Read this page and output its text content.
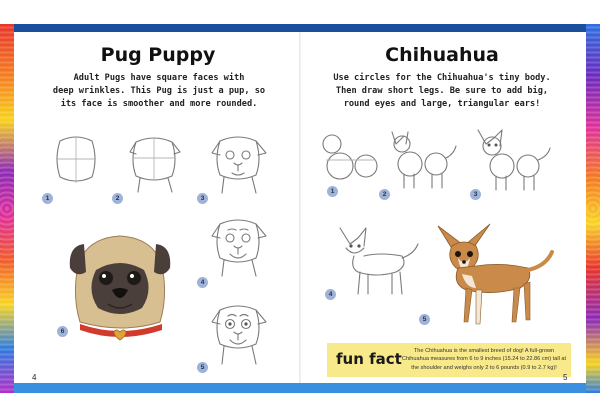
Pug Puppy
Adult Pugs have square faces with
deep wrinkles. This Pug is just a pup, so
its face is smoother and more rounded.
1	2	3
4
5
6
4
Chihuahua
Use circles for the Chihuahua's tiny body.
Then draw short legs. Be sure to add big,
round eyes and large, triangular ears!
1	2	3
4
5
fun fact	The Chihuahua is the smallest breed of dog! A full-grown
Chihuahua measures from 6 to 9 inches (15.24 to 22.86 cm) tall at
the shoulder and weighs only 2 to 6 pounds (0.9 to 2.7 kg)!
5
